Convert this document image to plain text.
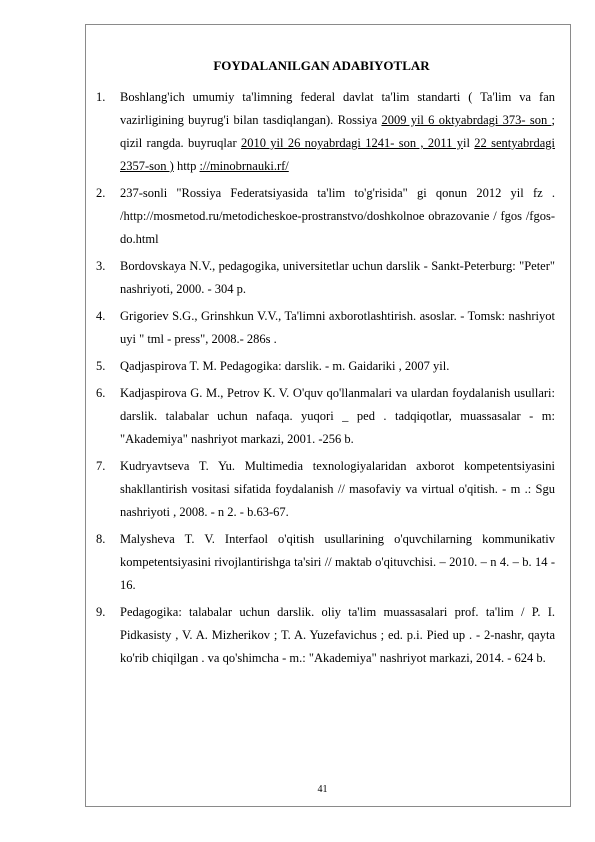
FOYDALANILGAN ADABIYOTLAR
1.	Boshlang'ich umumiy ta'limning federal davlat ta'lim standarti ( Ta'lim va fan vazirligining buyrug'i bilan tasdiqlangan). Rossiya 2009 yil 6 oktyabrdagi 373- son ; qizil rangda. buyruqlar 2010 yil 26 noyabrdagi 1241- son , 2011 yil 22 sentyabrdagi 2357-son ) http ://minobrnauki.rf/
2.	237-sonli "Rossiya Federatsiyasida ta'lim to'g'risida" gi qonun 2012 yil fz . /http://mosmetod.ru/metodicheskoe-prostranstvo/doshkolnoe obrazovanie / fgos /fgos-do.html
3.	Bordovskaya N.V., pedagogika, universitetlar uchun darslik - Sankt-Peterburg: "Peter" nashriyoti, 2000. - 304 p.
4.	Grigoriev S.G., Grinshkun V.V., Ta'limni axborotlashtirish. asoslar. - Tomsk: nashriyot uyi " tml - press", 2008.- 286s .
5.	Qadjaspirova T. M. Pedagogika: darslik. - m. Gaidariki , 2007 yil.
6.	Kadjaspirova G. M., Petrov K. V. O'quv qo'llanmalari va ulardan foydalanish usullari: darslik. talabalar uchun nafaqa. yuqori _ ped . tadqiqotlar, muassasalar - m: "Akademiya" nashriyot markazi, 2001. -256 b.
7.	Kudryavtseva T. Yu. Multimedia texnologiyalaridan axborot kompetentsiyasini shakllantirish vositasi sifatida foydalanish // masofaviy va virtual o'qitish. - m .: Sgu nashriyoti , 2008. - n 2. - b.63-67.
8.	Malysheva T. V. Interfaol o'qitish usullarining o'quvchilarning kommunikativ kompetentsiyasini rivojlantirishga ta'siri // maktab o'qituvchisi. – 2010. – n 4. – b. 14 - 16.
9.	Pedagogika: talabalar uchun darslik. oliy ta'lim muassasalari prof. ta'lim / P. I. Pidkasisty , V. A. Mizherikov ; T. A. Yuzefavichus ; ed. p.i. Pied up . - 2-nashr, qayta ko'rib chiqilgan . va qo'shimcha - m.: "Akademiya" nashriyot markazi, 2014. - 624 b.
41
